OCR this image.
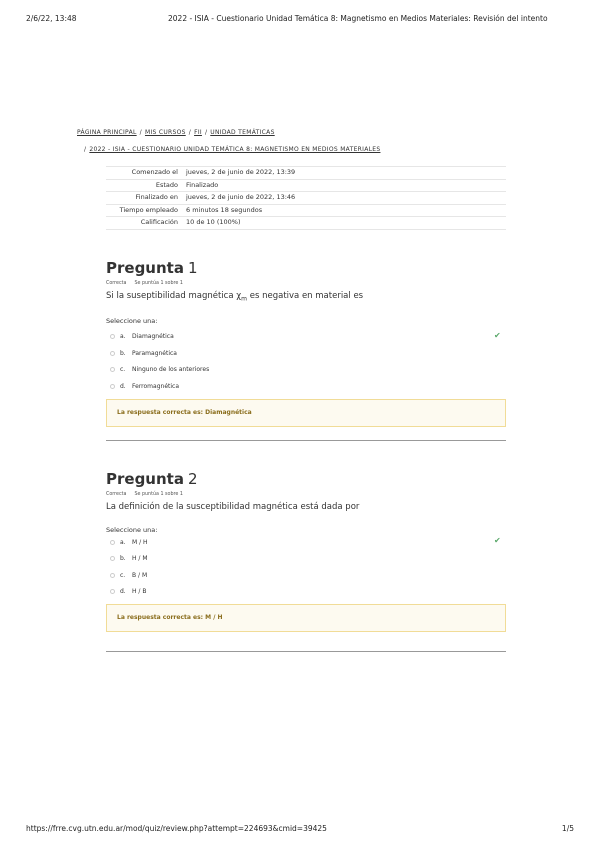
2/6/22, 13:48	2022 - ISIA - Cuestionario Unidad Temática 8: Magnetismo en Medios Materiales: Revisión del intento
PÁGINA PRINCIPAL / MIS CURSOS / FII / UNIDAD TEMÁTICAS
/ 2022 - ISIA - CUESTIONARIO UNIDAD TEMÁTICA 8: MAGNETISMO EN MEDIOS MATERIALES
Comenzado el	jueves, 2 de junio de 2022, 13:39
Estado	Finalizado
Finalizado en	jueves, 2 de junio de 2022, 13:46
Tiempo empleado	6 minutos 18 segundos
Calificación	10 de 10 (100%)
Pregunta 1
Correcta Se puntúa 1 sobre 1
Si la suseptibilidad magnética $\chi_m$ es negativa en material es
Seleccione una:
a.	Diamagnética	✔
b.	Paramagnética
c.	Ninguno de los anteriores
d.	Ferromagnética
La respuesta correcta es: Diamagnética
Pregunta 2
Correcta Se puntúa 1 sobre 1
La definición de la susceptibilidad magnética está dada por
Seleccione una:
a.	M / H	✔
b.	H / M
c.	B / M
d.	H / B
La respuesta correcta es: M / H
https://frre.cvg.utn.edu.ar/mod/quiz/review.php?attempt=224693&cmid=39425	1/5
